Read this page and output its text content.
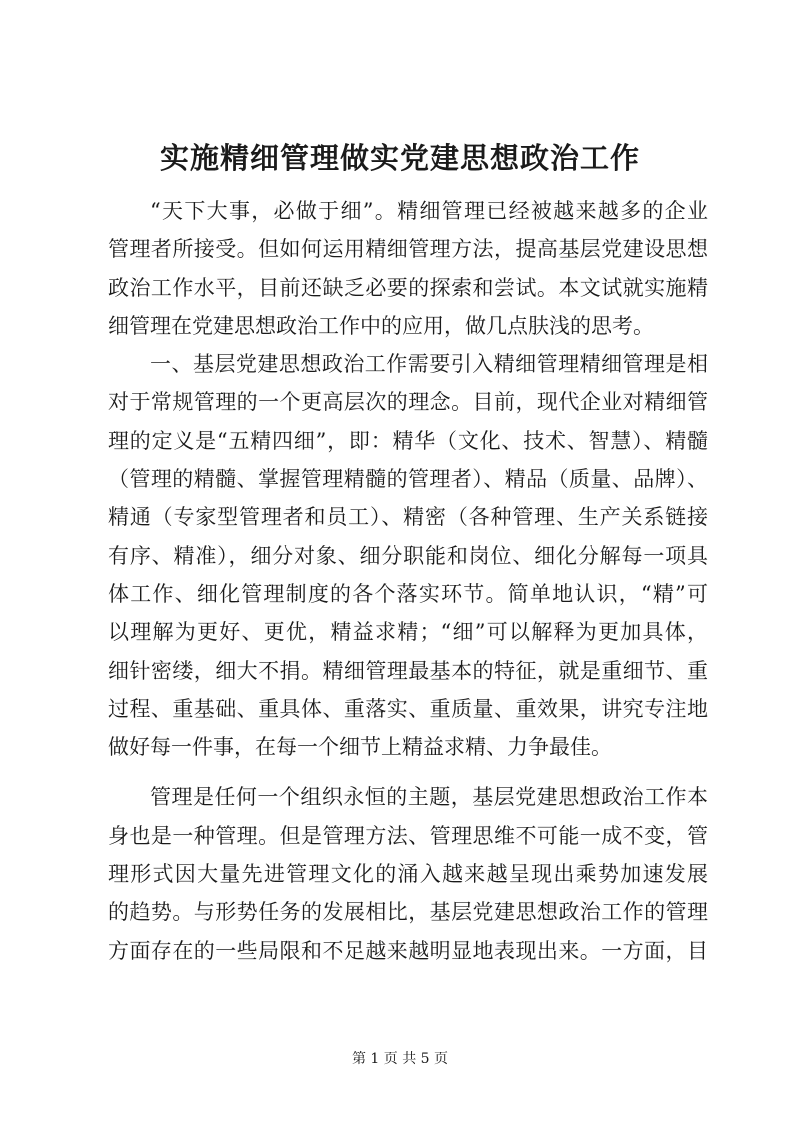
实施精细管理做实党建思想政治工作
“天下大事，必做于细”。精细管理已经被越来越多的企业
管理者所接受。但如何运用精细管理方法，提高基层党建设思想
政治工作水平，目前还缺乏必要的探索和尝试。本文试就实施精
细管理在党建思想政治工作中的应用，做几点肤浅的思考。
一、基层党建思想政治工作需要引入精细管理精细管理是相
对于常规管理的一个更高层次的理念。目前，现代企业对精细管
理的定义是“五精四细”，即：精华（文化、技术、智慧）、精髓
（管理的精髓、掌握管理精髓的管理者）、精品（质量、品牌）、
精通（专家型管理者和员工）、精密（各种管理、生产关系链接
有序、精准），细分对象、细分职能和岗位、细化分解每一项具
体工作、细化管理制度的各个落实环节。简单地认识，“精”可
以理解为更好、更优，精益求精；“细”可以解释为更加具体，
细针密缕，细大不捐。精细管理最基本的特征，就是重细节、重
过程、重基础、重具体、重落实、重质量、重效果，讲究专注地
做好每一件事，在每一个细节上精益求精、力争最佳。
管理是任何一个组织永恒的主题，基层党建思想政治工作本
身也是一种管理。但是管理方法、管理思维不可能一成不变，管
理形式因大量先进管理文化的涌入越来越呈现出乘势加速发展
的趋势。与形势任务的发展相比，基层党建思想政治工作的管理
方面存在的一些局限和不足越来越明显地表现出来。一方面，目
第 1 页 共 5 页
